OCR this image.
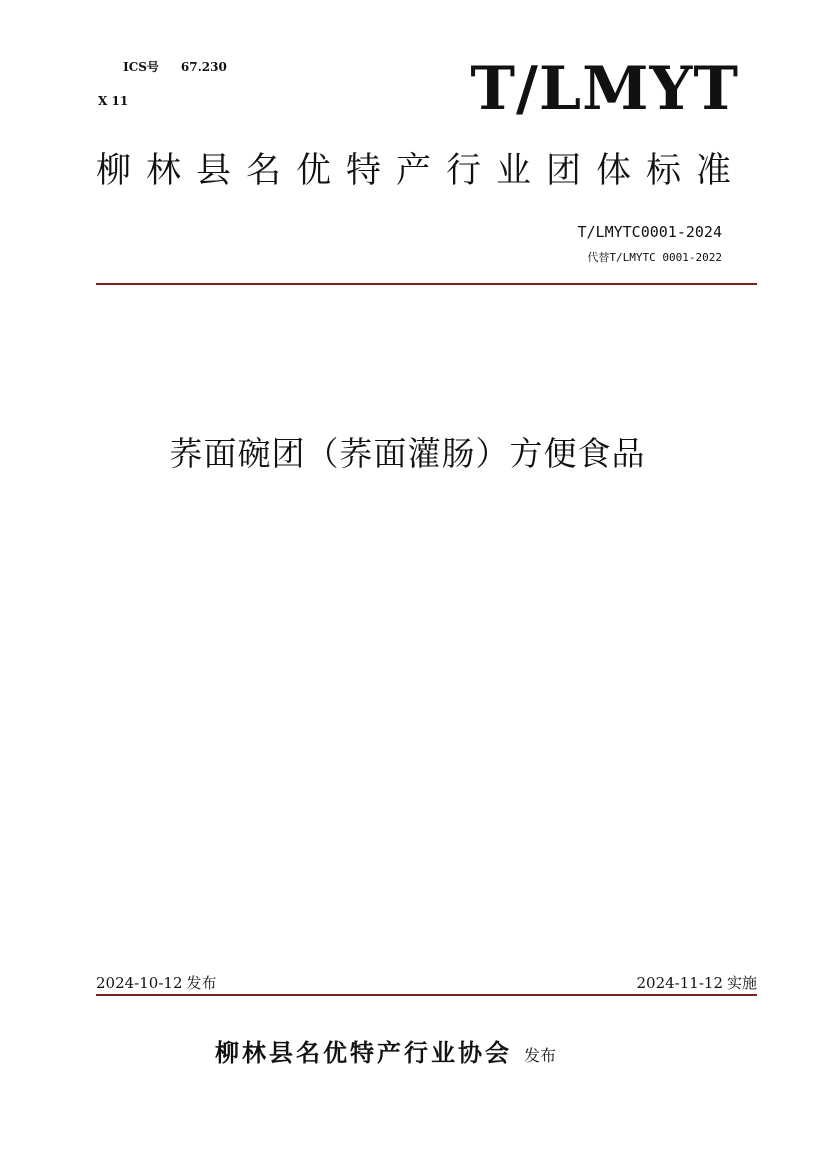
ICS号 67.230

X 11	T/LMYT
柳林县名优特产行业团体标准
T/LMYTC0001-2024
代替T/LMYTC 0001-2022
荞面碗团（荞面灌肠）方便食品
2024-10-12 发布	2024-11-12 实施
柳林县名优特产行业协会 发布
